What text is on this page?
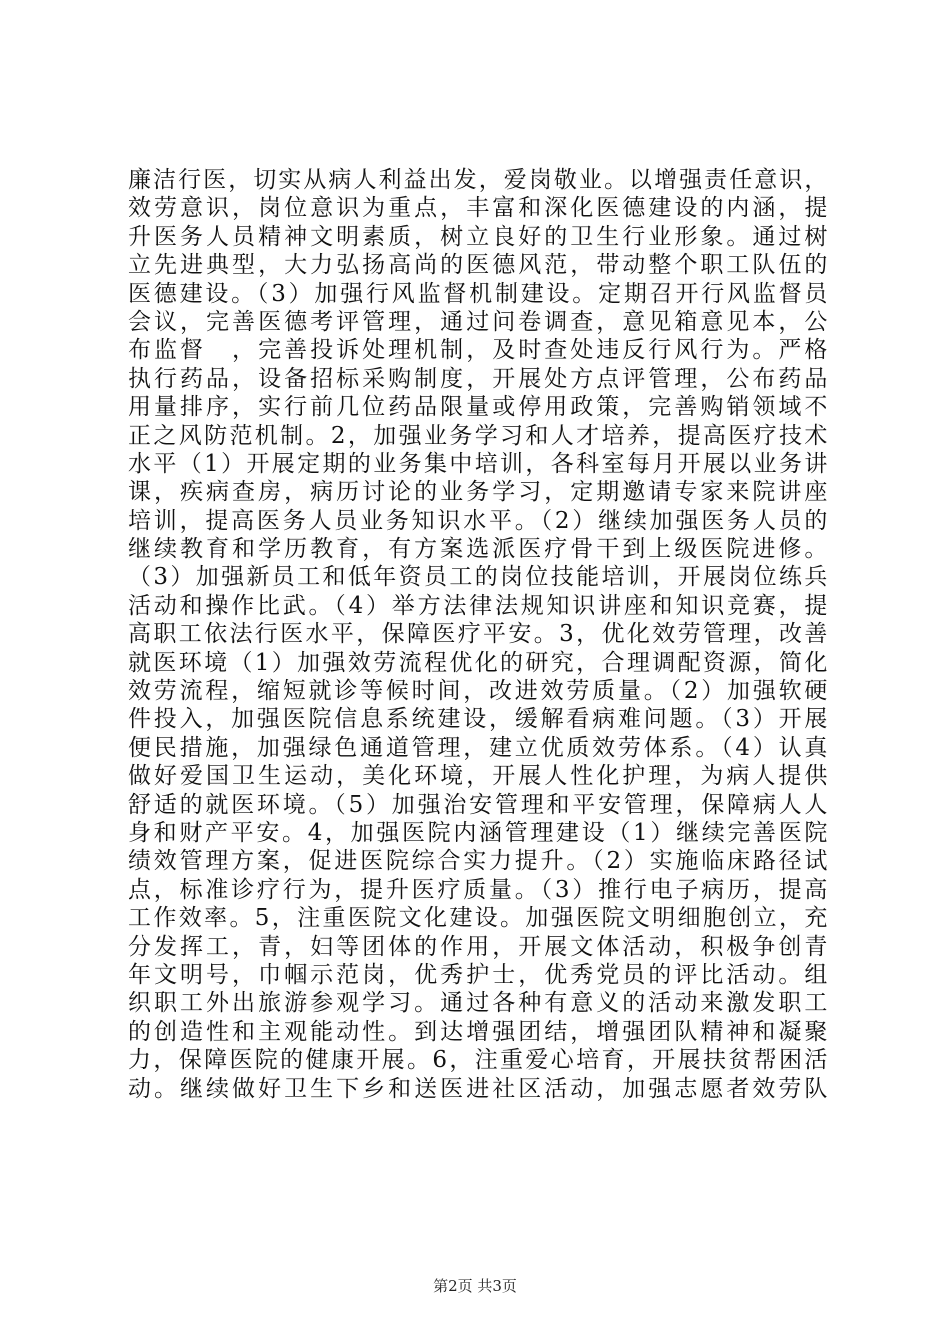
廉洁行医，切实从病人利益出发，爱岗敬业。以增强责任意识，
效劳意识，岗位意识为重点，丰富和深化医德建设的内涵，提
升医务人员精神文明素质，树立良好的卫生行业形象。通过树
立先进典型，大力弘扬高尚的医德风范，带动整个职工队伍的
医德建设。（3）加强行风监督机制建设。定期召开行风监督员
会议，完善医德考评管理，通过问卷调查，意见箱意见本，公
布监督　，完善投诉处理机制，及时查处违反行风行为。严格
执行药品，设备招标采购制度，开展处方点评管理，公布药品
用量排序，实行前几位药品限量或停用政策，完善购销领域不
正之风防范机制。2，加强业务学习和人才培养，提高医疗技术
水平（1）开展定期的业务集中培训，各科室每月开展以业务讲
课，疾病查房，病历讨论的业务学习，定期邀请专家来院讲座
培训，提高医务人员业务知识水平。（2）继续加强医务人员的
继续教育和学历教育，有方案选派医疗骨干到上级医院进修。
（3）加强新员工和低年资员工的岗位技能培训，开展岗位练兵
活动和操作比武。（4）举方法律法规知识讲座和知识竞赛，提
高职工依法行医水平，保障医疗平安。3，优化效劳管理，改善
就医环境（1）加强效劳流程优化的研究，合理调配资源，简化
效劳流程，缩短就诊等候时间，改进效劳质量。（2）加强软硬
件投入，加强医院信息系统建设，缓解看病难问题。（3）开展
便民措施，加强绿色通道管理，建立优质效劳体系。（4）认真
做好爱国卫生运动，美化环境，开展人性化护理，为病人提供
舒适的就医环境。（5）加强治安管理和平安管理，保障病人人
身和财产平安。4，加强医院内涵管理建设（1）继续完善医院
绩效管理方案，促进医院综合实力提升。（2）实施临床路径试
点，标准诊疗行为，提升医疗质量。（3）推行电子病历，提高
工作效率。5，注重医院文化建设。加强医院文明细胞创立，充
分发挥工，青，妇等团体的作用，开展文体活动，积极争创青
年文明号，巾帼示范岗，优秀护士，优秀党员的评比活动。组
织职工外出旅游参观学习。通过各种有意义的活动来激发职工
的创造性和主观能动性。到达增强团结，增强团队精神和凝聚
力，保障医院的健康开展。6，注重爱心培育，开展扶贫帮困活
动。继续做好卫生下乡和送医进社区活动，加强志愿者效劳队
第2页 共3页
